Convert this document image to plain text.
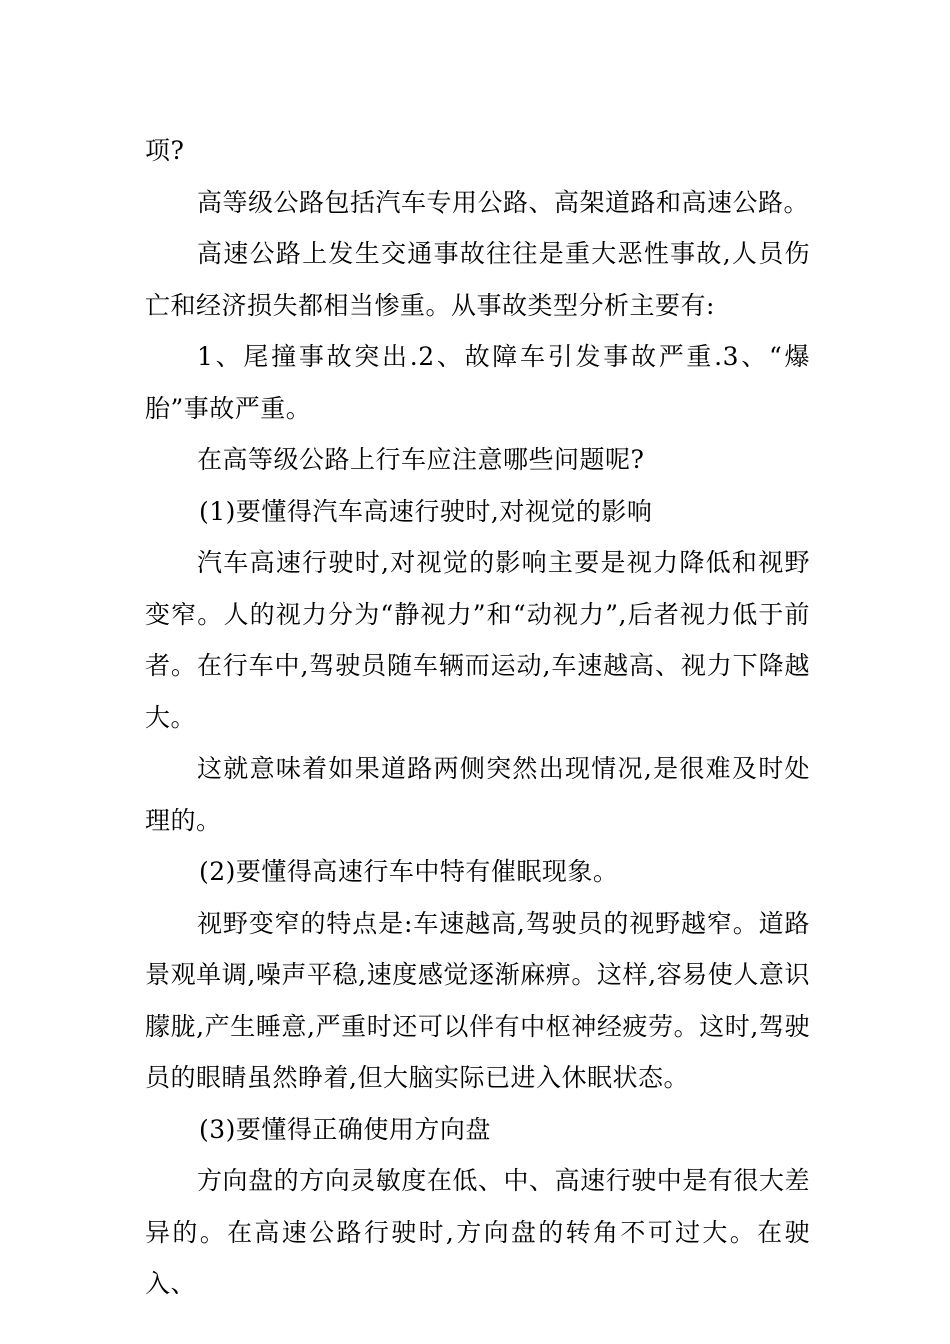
项?

高等级公路包括汽车专用公路、高架道路和高速公路。

高速公路上发生交通事故往往是重大恶性事故,人员伤亡和经济损失都相当惨重。从事故类型分析主要有:

1、尾撞事故突出.2、故障车引发事故严重.3、“爆胎”事故严重。

在高等级公路上行车应注意哪些问题呢?

(1)要懂得汽车高速行驶时,对视觉的影响

汽车高速行驶时,对视觉的影响主要是视力降低和视野变窄。人的视力分为“静视力”和“动视力”,后者视力低于前者。在行车中,驾驶员随车辆而运动,车速越高、视力下降越大。

这就意味着如果道路两侧突然出现情况,是很难及时处理的。

(2)要懂得高速行车中特有催眠现象。

视野变窄的特点是:车速越高,驾驶员的视野越窄。道路景观单调,噪声平稳,速度感觉逐渐麻痹。这样,容易使人意识朦胧,产生睡意,严重时还可以伴有中枢神经疲劳。这时,驾驶员的眼睛虽然睁着,但大脑实际已进入休眠状态。

(3)要懂得正确使用方向盘

方向盘的方向灵敏度在低、中、高速行驶中是有很大差异的。在高速公路行驶时,方向盘的转角不可过大。在驶入、
